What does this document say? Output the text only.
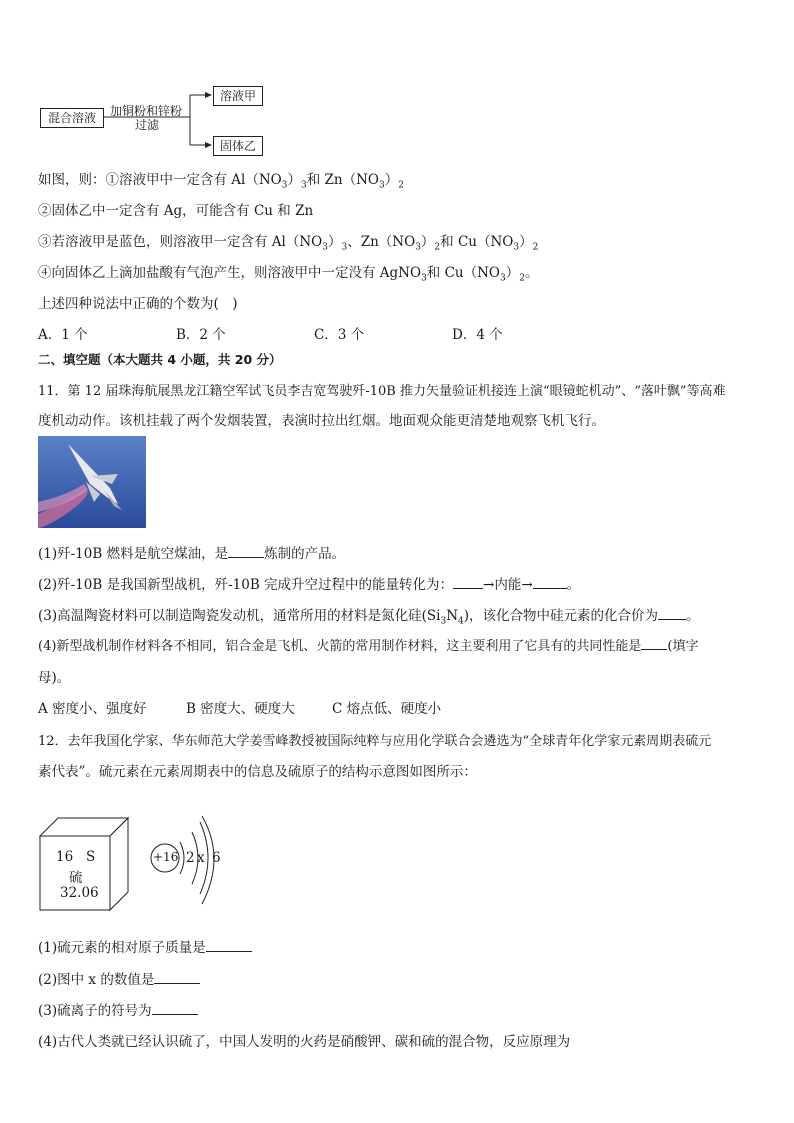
混合溶液	加铜粉和锌粉
过滤
溶液甲
固体乙
如图，则：①溶液甲中一定含有 $Al(NO_3)_3$和 $Zn(NO_3)_2$
②固体乙中一定含有 Ag，可能含有 Cu 和 Zn
③若溶液甲是蓝色，则溶液甲一定含有 $Al(NO_3)_3$、$Zn(NO_3)_2$和 $Cu(NO_3)_2$
④向固体乙上滴加盐酸有气泡产生，则溶液甲中一定没有 AgNO$_3$和 $Cu(NO_3)_2$。
上述四种说法中正确的个数为(　)
A．1 个	B．2 个	C．3 个	D．4 个
二、填空题（本大题共 4 小题，共 20 分）
11．第 12 届珠海航展黑龙江籍空军试飞员李吉宽驾驶歼-10B 推力矢量验证机接连上演“眼镜蛇机动”、“落叶飘”等高难
度机动动作。该机挂载了两个发烟装置，表演时拉出红烟。地面观众能更清楚地观察飞机飞行。
(1)歼-10B 燃料是航空煤油，是	炼制的产品。
(2)歼-10B 是我国新型战机，歼-10B 完成升空过程中的能量转化为： →内能→	。
(3)高温陶瓷材料可以制造陶瓷发动机，通常所用的材料是氮化硅$(Si_3N_4)$，该化合物中硅元素的化合价为 。
(4)新型战机制作材料各不相同，铝合金是飞机、火箭的常用制作材料，这主要利用了它具有的共同性能是 (填字
母)。
A 密度小、强度好	B 密度大、硬度大	C 熔点低、硬度小
12．去年我国化学家、华东师范大学姜雪峰教授被国际纯粹与应用化学联合会遴选为“全球青年化学家元素周期表硫元
素代表”。硫元素在元素周期表中的信息及硫原子的结构示意图如图所示：
16 S
硫
32.06
+16 2 x 6
(1)硫元素的相对原子质量是
(2)图中 x 的数值是
(3)硫离子的符号为
(4)古代人类就已经认识硫了，中国人发明的火药是硝酸钾、碳和硫的混合物，反应原理为
